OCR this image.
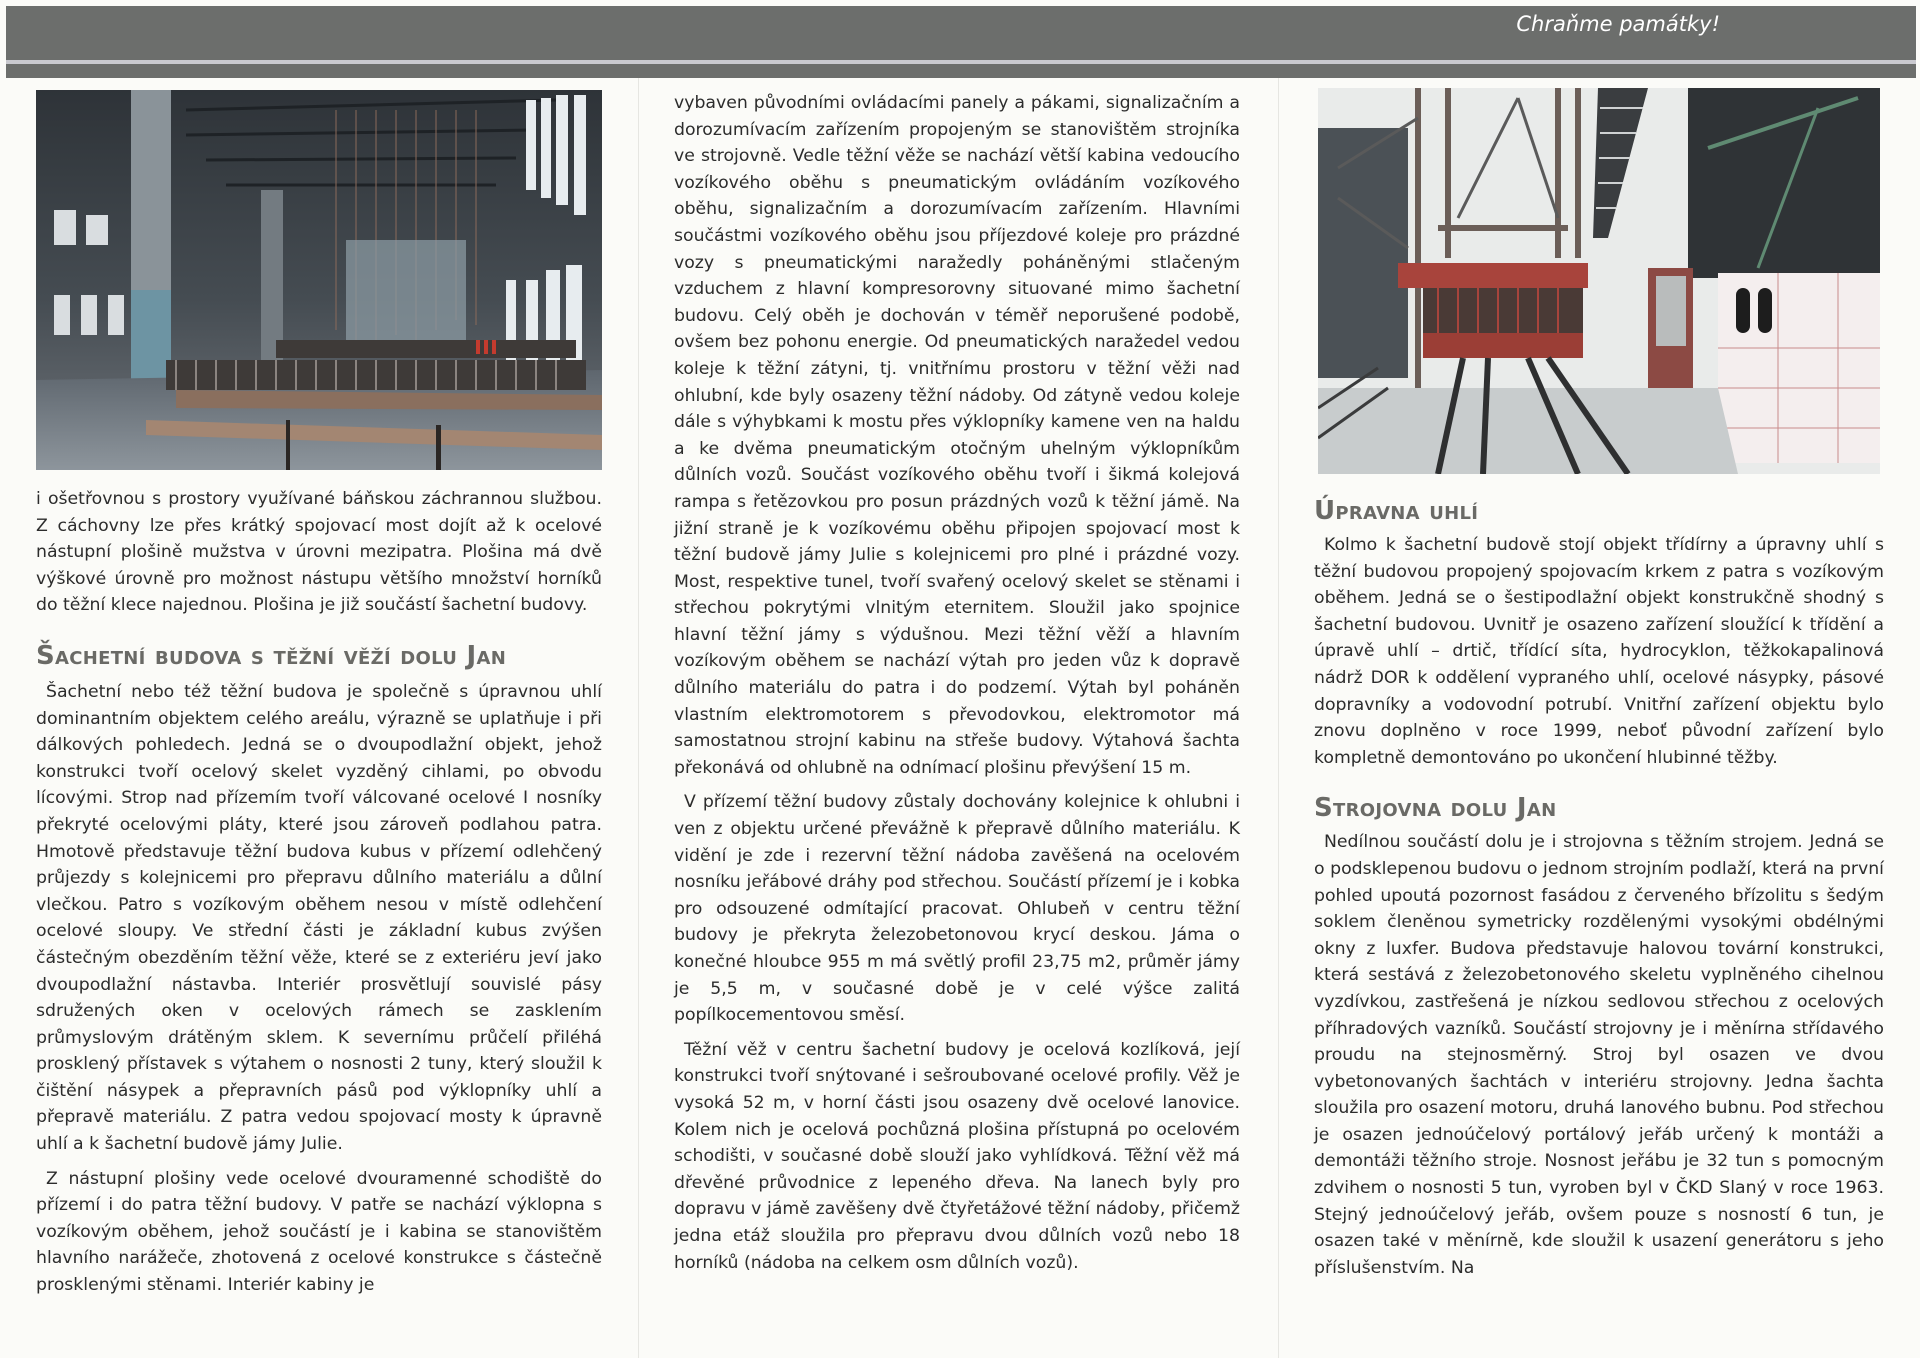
Chraňme památky!

i ošetřovnou s prostory využívané báňskou záchrannou službou. Z cáchovny lze přes krátký spojovací most dojít až k ocelové nástupní plošině mužstva v úrovni mezipatra. Plošina má dvě výškové úrovně pro možnost nástupu většího množství horníků do těžní klece najednou. Plošina je již součástí šachetní budovy.

Šachetní budova s těžní věží dolu Jan

Šachetní nebo též těžní budova je společně s úpravnou uhlí dominantním objektem celého areálu, výrazně se uplatňuje i při dálkových pohledech. Jedná se o dvoupodlažní objekt, jehož konstrukci tvoří ocelový skelet vyzděný cihlami, po obvodu lícovými. Strop nad přízemím tvoří válcované ocelové I nosníky překryté ocelovými pláty, které jsou zároveň podlahou patra. Hmotově představuje těžní budova kubus v přízemí odlehčený průjezdy s kolejnicemi pro přepravu důlního materiálu a důlní vlečkou. Patro s vozíkovým oběhem nesou v místě odlehčení ocelové sloupy. Ve střední části je základní kubus zvýšen částečným obezděním těžní věže, které se z exteriéru jeví jako dvoupodlažní nástavba. Interiér prosvětlují souvislé pásy sdružených oken v ocelových rámech se zasklením průmyslovým drátěným sklem. K severnímu průčelí přiléhá prosklený přístavek s výtahem o nosnosti 2 tuny, který sloužil k čištění násypek a přepravních pásů pod výklopníky uhlí a přepravě materiálu. Z patra vedou spojovací mosty k úpravně uhlí a k šachetní budově jámy Julie.

Z nástupní plošiny vede ocelové dvouramenné schodiště do přízemí i do patra těžní budovy. V patře se nachází výklopna s vozíkovým oběhem, jehož součástí je i kabina se stanovištěm hlavního narážeče, zhotovená z ocelové konstrukce s částečně prosklenými stěnami. Interiér kabiny je

vybaven původními ovládacími panely a pákami, signalizačním a dorozumívacím zařízením propojeným se stanovištěm strojníka ve strojovně. Vedle těžní věže se nachází větší kabina vedoucího vozíkového oběhu s pneumatickým ovládáním vozíkového oběhu, signalizačním a dorozumívacím zařízením. Hlavními součástmi vozíkového oběhu jsou příjezdové koleje pro prázdné vozy s pneumatickými naražedly poháněnými stlačeným vzduchem z hlavní kompresorovny situované mimo šachetní budovu. Celý oběh je dochován v téměř neporušené podobě, ovšem bez pohonu energie. Od pneumatických naražedel vedou koleje k těžní zátyni, tj. vnitřnímu prostoru v těžní věži nad ohlubní, kde byly osazeny těžní nádoby. Od zátyně vedou koleje dále s výhybkami k mostu přes výklopníky kamene ven na haldu a ke dvěma pneumatickým otočným uhelným výklopníkům důlních vozů. Součást vozíkového oběhu tvoří i šikmá kolejová rampa s řetězovkou pro posun prázdných vozů k těžní jámě. Na jižní straně je k vozíkovému oběhu připojen spojovací most k těžní budově jámy Julie s kolejnicemi pro plné i prázdné vozy. Most, respektive tunel, tvoří svařený ocelový skelet se stěnami i střechou pokrytými vlnitým eternitem. Sloužil jako spojnice hlavní těžní jámy s výdušnou. Mezi těžní věží a hlavním vozíkovým oběhem se nachází výtah pro jeden vůz k dopravě důlního materiálu do patra i do podzemí. Výtah byl poháněn vlastním elektromotorem s převodovkou, elektromotor má samostatnou strojní kabinu na střeše budovy. Výtahová šachta překonává od ohlubně na odnímací plošinu převýšení 15 m.

V přízemí těžní budovy zůstaly dochovány kolejnice k ohlubni i ven z objektu určené převážně k přepravě důlního materiálu. K vidění je zde i rezervní těžní nádoba zavěšená na ocelovém nosníku jeřábové dráhy pod střechou. Součástí přízemí je i kobka pro odsouzené odmítající pracovat. Ohlubeň v centru těžní budovy je překryta železobetonovou krycí deskou. Jáma o konečné hloubce 955 m má světlý profil 23,75 m2, průměr jámy je 5,5 m, v současné době je v celé výšce zalitá popílkocementovou směsí.

Těžní věž v centru šachetní budovy je ocelová kozlíková, její konstrukci tvoří snýtované i sešroubované ocelové profily. Věž je vysoká 52 m, v horní části jsou osazeny dvě ocelové lanovice. Kolem nich je ocelová pochůzná plošina přístupná po ocelovém schodišti, v současné době slouží jako vyhlídková. Těžní věž má dřevěné průvodnice z lepeného dřeva. Na lanech byly pro dopravu v jámě zavěšeny dvě čtyřetážové těžní nádoby, přičemž jedna etáž sloužila pro přepravu dvou důlních vozů nebo 18 horníků (nádoba na celkem osm důlních vozů).

Úpravna uhlí

Kolmo k šachetní budově stojí objekt třídírny a úpravny uhlí s těžní budovou propojený spojovacím krkem z patra s vozíkovým oběhem. Jedná se o šestipodlažní objekt konstrukčně shodný s šachetní budovou. Uvnitř je osazeno zařízení sloužící k třídění a úpravě uhlí – drtič, třídící síta, hydrocyklon, těžkokapalinová nádrž DOR k oddělení vypraného uhlí, ocelové násypky, pásové dopravníky a vodovodní potrubí. Vnitřní zařízení objektu bylo znovu doplněno v roce 1999, neboť původní zařízení bylo kompletně demontováno po ukončení hlubinné těžby.

Strojovna dolu Jan

Nedílnou součástí dolu je i strojovna s těžním strojem. Jedná se o podsklepenou budovu o jednom strojním podlaží, která na první pohled upoutá pozornost fasádou z červeného břízolitu s šedým soklem členěnou symetricky rozdělenými vysokými obdélnými okny z luxfer. Budova představuje halovou tovární konstrukci, která sestává z železobetonového skeletu vyplněného cihelnou vyzdívkou, zastřešená je nízkou sedlovou střechou z ocelových příhradových vazníků. Součástí strojovny je i měnírna střídavého proudu na stejnosměrný. Stroj byl osazen ve dvou vybetonovaných šachtách v interiéru strojovny. Jedna šachta sloužila pro osazení motoru, druhá lanového bubnu. Pod střechou je osazen jednoúčelový portálový jeřáb určený k montáži a demontáži těžního stroje. Nosnost jeřábu je 32 tun s pomocným zdvihem o nosnosti 5 tun, vyroben byl v ČKD Slaný v roce 1963. Stejný jednoúčelový jeřáb, ovšem pouze s nosností 6 tun, je osazen také v měnírně, kde sloužil k usazení generátoru s jeho příslušenstvím. Na
